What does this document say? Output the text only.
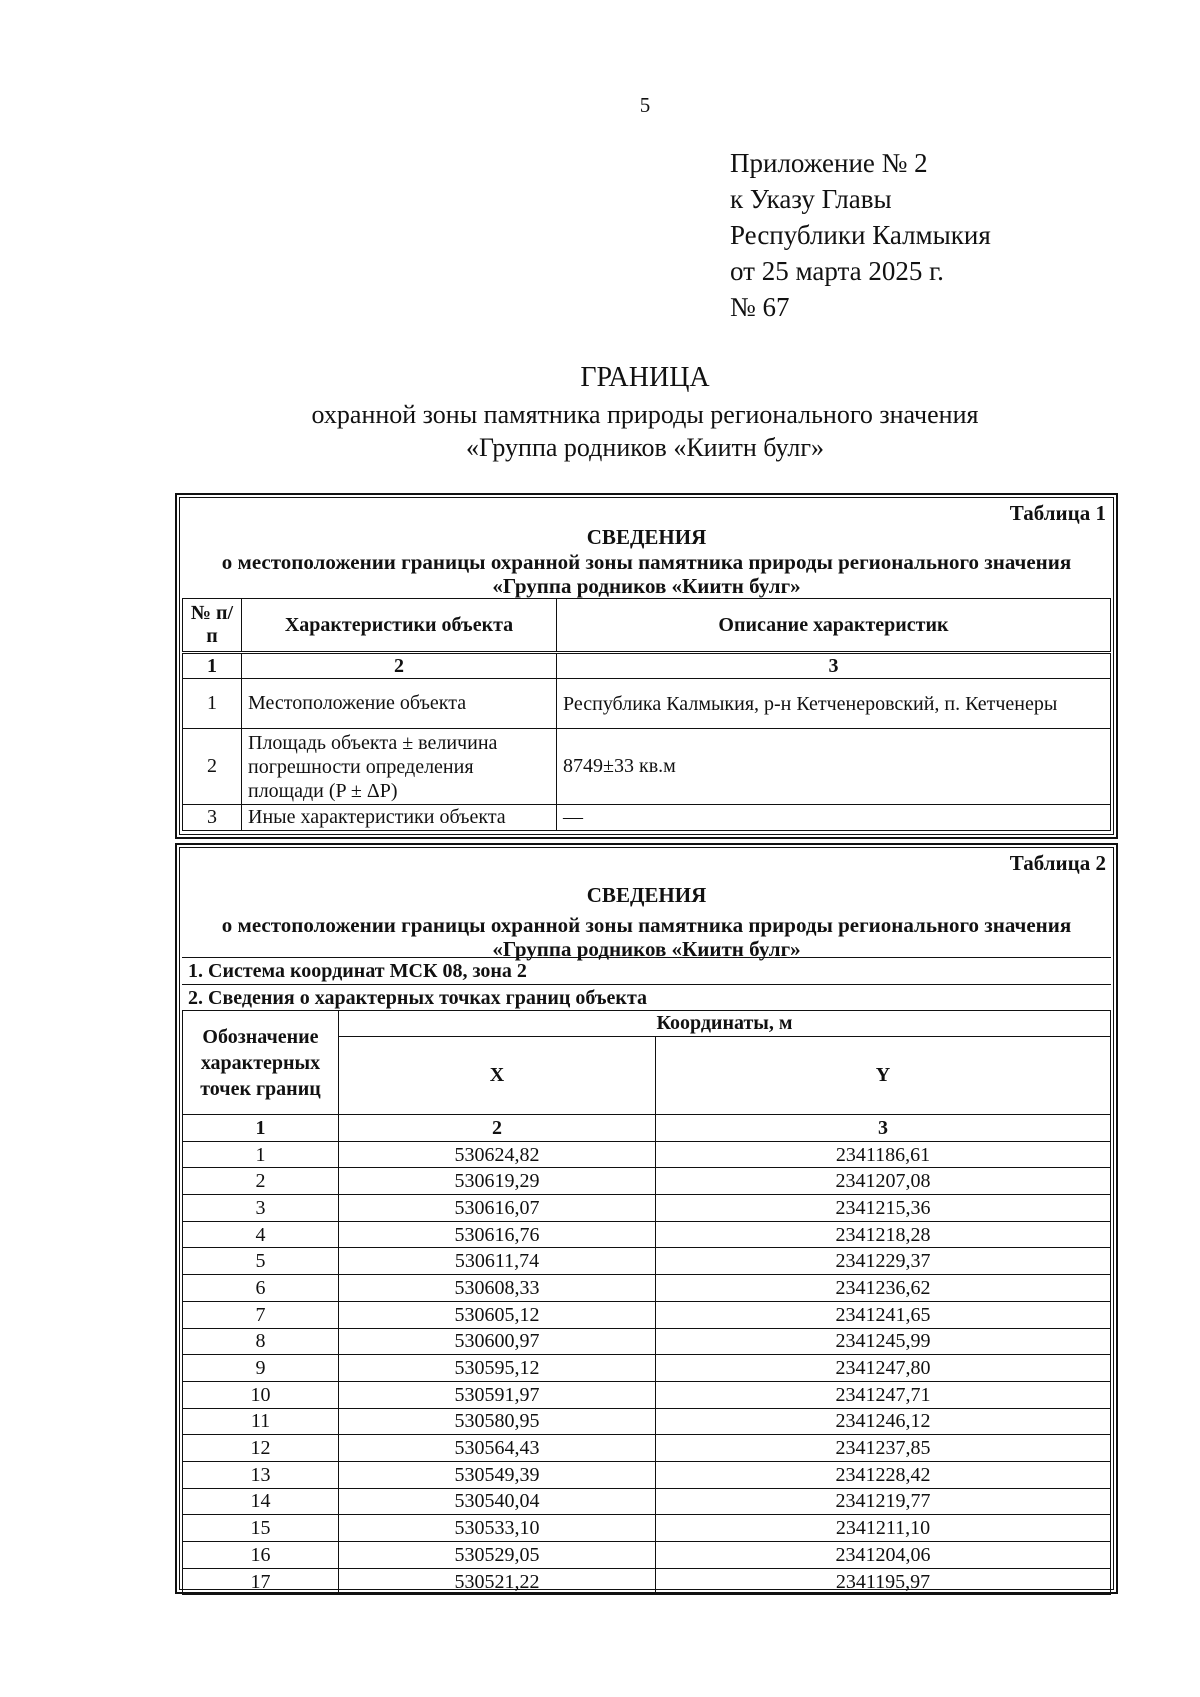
5
Приложение № 2
к Указу Главы
Республики Калмыкия
от 25 марта 2025 г.
№ 67
ГРАНИЦА
охранной зоны памятника природы регионального значения
«Группа родников «Киитн булг»
Таблица 1
СВЕДЕНИЯ
о местоположении границы охранной зоны памятника природы регионального значения
«Группа родников «Киитн булг»
№ п/п	Характеристики объекта	Описание характеристик
1	2	3
1	Местоположение объекта	Республика Калмыкия, р-н Кетченеровский, п. Кетченеры
2	Площадь объекта ± величина погрешности определения площади (P ± ΔP)	8749±33 кв.м
3	Иные характеристики объекта	—
Таблица 2
СВЕДЕНИЯ
о местоположении границы охранной зоны памятника природы регионального значения
«Группа родников «Киитн булг»
1. Система координат МСК 08, зона 2
2. Сведения о характерных точках границ объекта
Обозначение характерных точек границ	Координаты, м	
	X	Y
1	2	3
1	530624,82	2341186,61
2	530619,29	2341207,08
3	530616,07	2341215,36
4	530616,76	2341218,28
5	530611,74	2341229,37
6	530608,33	2341236,62
7	530605,12	2341241,65
8	530600,97	2341245,99
9	530595,12	2341247,80
10	530591,97	2341247,71
11	530580,95	2341246,12
12	530564,43	2341237,85
13	530549,39	2341228,42
14	530540,04	2341219,77
15	530533,10	2341211,10
16	530529,05	2341204,06
17	530521,22	2341195,97
